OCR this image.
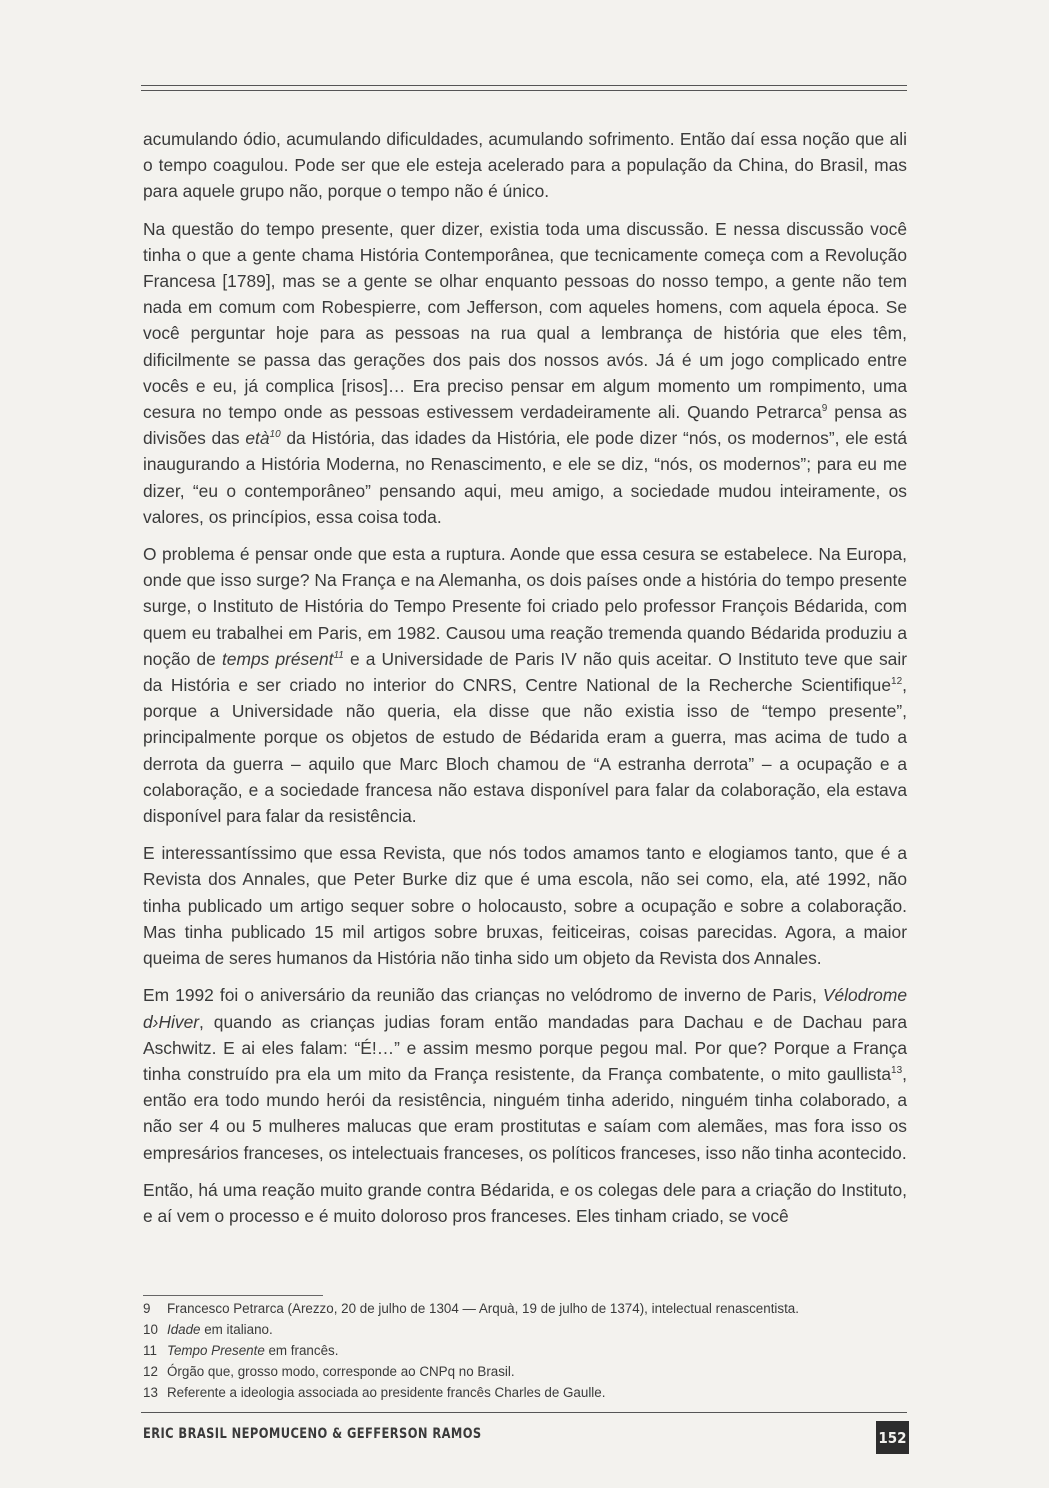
acumulando ódio, acumulando dificuldades, acumulando sofrimento. Então daí essa noção que ali o tempo coagulou. Pode ser que ele esteja acelerado para a população da China, do Brasil, mas para aquele grupo não, porque o tempo não é único.

Na questão do tempo presente, quer dizer, existia toda uma discussão. E nessa discussão você tinha o que a gente chama História Contemporânea, que tecnicamente começa com a Revolução Francesa [1789], mas se a gente se olhar enquanto pessoas do nosso tempo, a gente não tem nada em comum com Robespierre, com Jefferson, com aqueles homens, com aquela época. Se você perguntar hoje para as pessoas na rua qual a lembrança de história que eles têm, dificilmente se passa das gerações dos pais dos nossos avós. Já é um jogo complicado entre vocês e eu, já complica [risos]… Era preciso pensar em algum momento um rompimento, uma cesura no tempo onde as pessoas estivessem verdadeiramente ali. Quando Petrarca$^9$ pensa as divisões das età$^{10}$ da História, das idades da História, ele pode dizer “nós, os modernos”, ele está inaugurando a História Moderna, no Renascimento, e ele se diz, “nós, os modernos”; para eu me dizer, “eu o contemporâneo” pensando aqui, meu amigo, a sociedade mudou inteiramente, os valores, os princípios, essa coisa toda.

O problema é pensar onde que esta a ruptura. Aonde que essa cesura se estabelece. Na Europa, onde que isso surge? Na França e na Alemanha, os dois países onde a história do tempo presente surge, o Instituto de História do Tempo Presente foi criado pelo professor François Bédarida, com quem eu trabalhei em Paris, em 1982. Causou uma reação tremenda quando Bédarida produziu a noção de temps présent$^{11}$ e a Universidade de Paris IV não quis aceitar. O Instituto teve que sair da História e ser criado no interior do CNRS, Centre National de la Recherche Scientifique$^{12}$, porque a Universidade não queria, ela disse que não existia isso de “tempo presente”, principalmente porque os objetos de estudo de Bédarida eram a guerra, mas acima de tudo a derrota da guerra – aquilo que Marc Bloch chamou de “A estranha derrota” – a ocupação e a colaboração, e a sociedade francesa não estava disponível para falar da colaboração, ela estava disponível para falar da resistência.

E interessantíssimo que essa Revista, que nós todos amamos tanto e elogiamos tanto, que é a Revista dos Annales, que Peter Burke diz que é uma escola, não sei como, ela, até 1992, não tinha publicado um artigo sequer sobre o holocausto, sobre a ocupação e sobre a colaboração. Mas tinha publicado 15 mil artigos sobre bruxas, feiticeiras, coisas parecidas. Agora, a maior queima de seres humanos da História não tinha sido um objeto da Revista dos Annales.

Em 1992 foi o aniversário da reunião das crianças no velódromo de inverno de Paris, Vélodrome d›Hiver, quando as crianças judias foram então mandadas para Dachau e de Dachau para Aschwitz. E ai eles falam: “É!…” e assim mesmo porque pegou mal. Por que? Porque a França tinha construído pra ela um mito da França resistente, da França combatente, o mito gaullista$^{13}$, então era todo mundo herói da resistência, ninguém tinha aderido, ninguém tinha colaborado, a não ser 4 ou 5 mulheres malucas que eram prostitutas e saíam com alemães, mas fora isso os empresários franceses, os intelectuais franceses, os políticos franceses, isso não tinha acontecido.

Então, há uma reação muito grande contra Bédarida, e os colegas dele para a criação do Instituto, e aí vem o processo e é muito doloroso pros franceses. Eles tinham criado, se você

9 Francesco Petrarca (Arezzo, 20 de julho de 1304 — Arquà, 19 de julho de 1374), intelectual renascentista.
10 Idade em italiano.
11 Tempo Presente em francês.
12 Órgão que, grosso modo, corresponde ao CNPq no Brasil.
13 Referente a ideologia associada ao presidente francês Charles de Gaulle.
ERIC BRASIL NEPOMUCENO & GEFFERSON RAMOS	152
